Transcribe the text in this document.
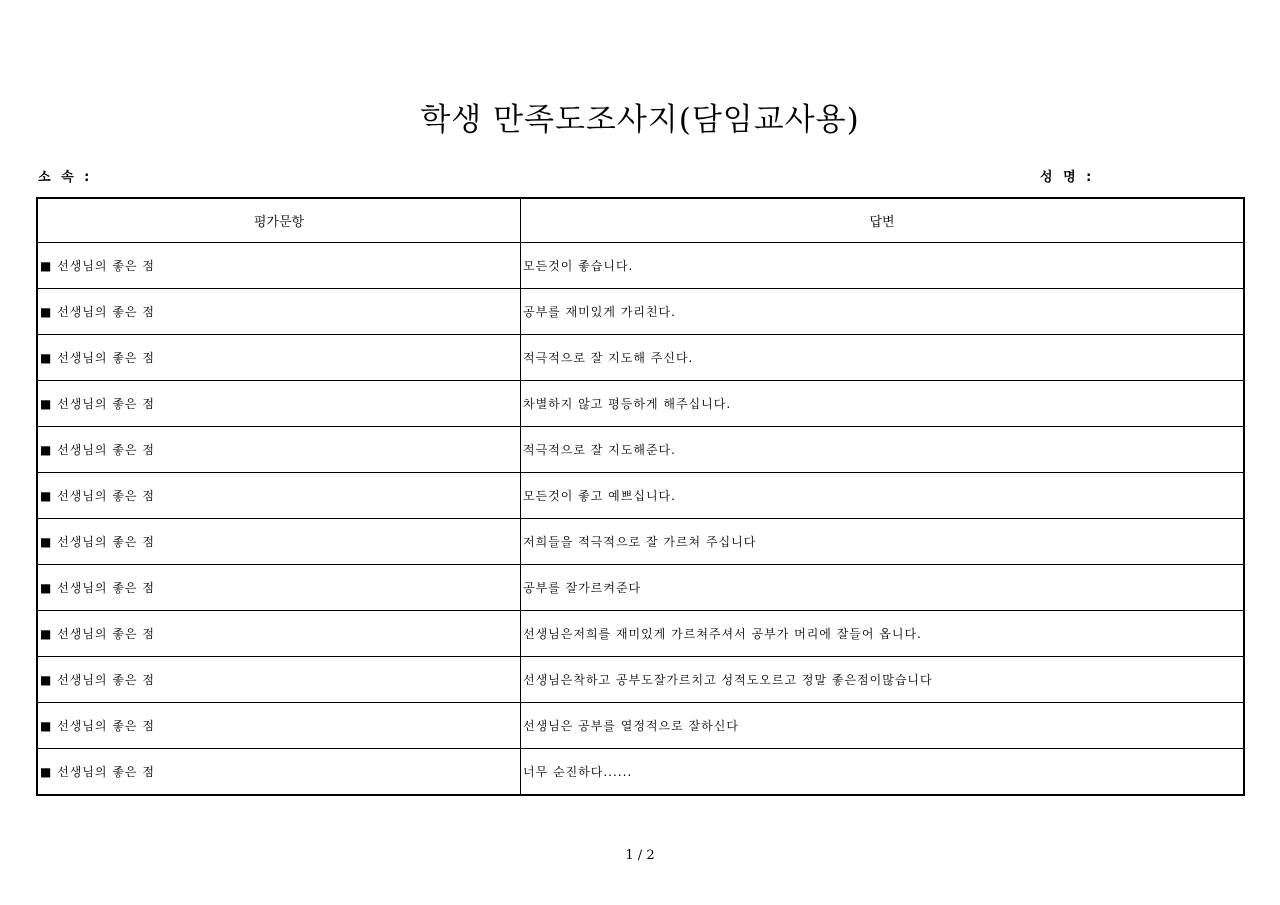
학생 만족도조사지(담임교사용)
소 속 :	성 명 :
평가문항	답변
■ 선생님의 좋은 점	모든것이 좋습니다.
■ 선생님의 좋은 점	공부를 재미있게 가리친다.
■ 선생님의 좋은 점	적극적으로 잘 지도해 주신다.
■ 선생님의 좋은 점	차별하지 않고 평등하게 해주십니다.
■ 선생님의 좋은 점	적극적으로 잘 지도해준다.
■ 선생님의 좋은 점	모든것이 좋고 예쁘십니다.
■ 선생님의 좋은 점	저희들을 적극적으로 잘 가르쳐 주십니다
■ 선생님의 좋은 점	공부를 잘가르켜준다
■ 선생님의 좋은 점	선생님은저희를 재미있게 가르쳐주셔서 공부가 머리에 잘들어 옵니다.
■ 선생님의 좋은 점	선생님은착하고 공부도잘가르치고 성적도오르고 정말 좋은점이많습니다
■ 선생님의 좋은 점	선생님은 공부를 열정적으로 잘하신다
■ 선생님의 좋은 점	너무 순진하다......
1 / 2
